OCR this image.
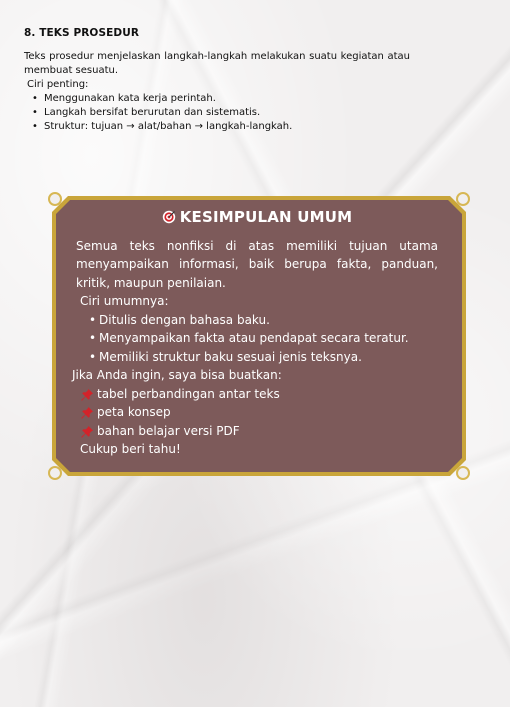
8. TEKS PROSEDUR

Teks prosedur menjelaskan langkah-langkah melakukan suatu kegiatan atau membuat sesuatu.

Ciri penting:

• Menggunakan kata kerja perintah.
• Langkah bersifat berurutan dan sistematis.
• Struktur: tujuan → alat/bahan → langkah-langkah.

KESIMPULAN UMUM

Semua teks nonfiksi di atas memiliki tujuan utama menyampaikan informasi, baik berupa fakta, panduan, kritik, maupun penilaian.

Ciri umumnya:

• Ditulis dengan bahasa baku.
• Menyampaikan fakta atau pendapat secara teratur.
• Memiliki struktur baku sesuai jenis teksnya.

Jika Anda ingin, saya bisa buatkan:

tabel perbandingan antar teks
peta konsep
bahan belajar versi PDF

Cukup beri tahu!
